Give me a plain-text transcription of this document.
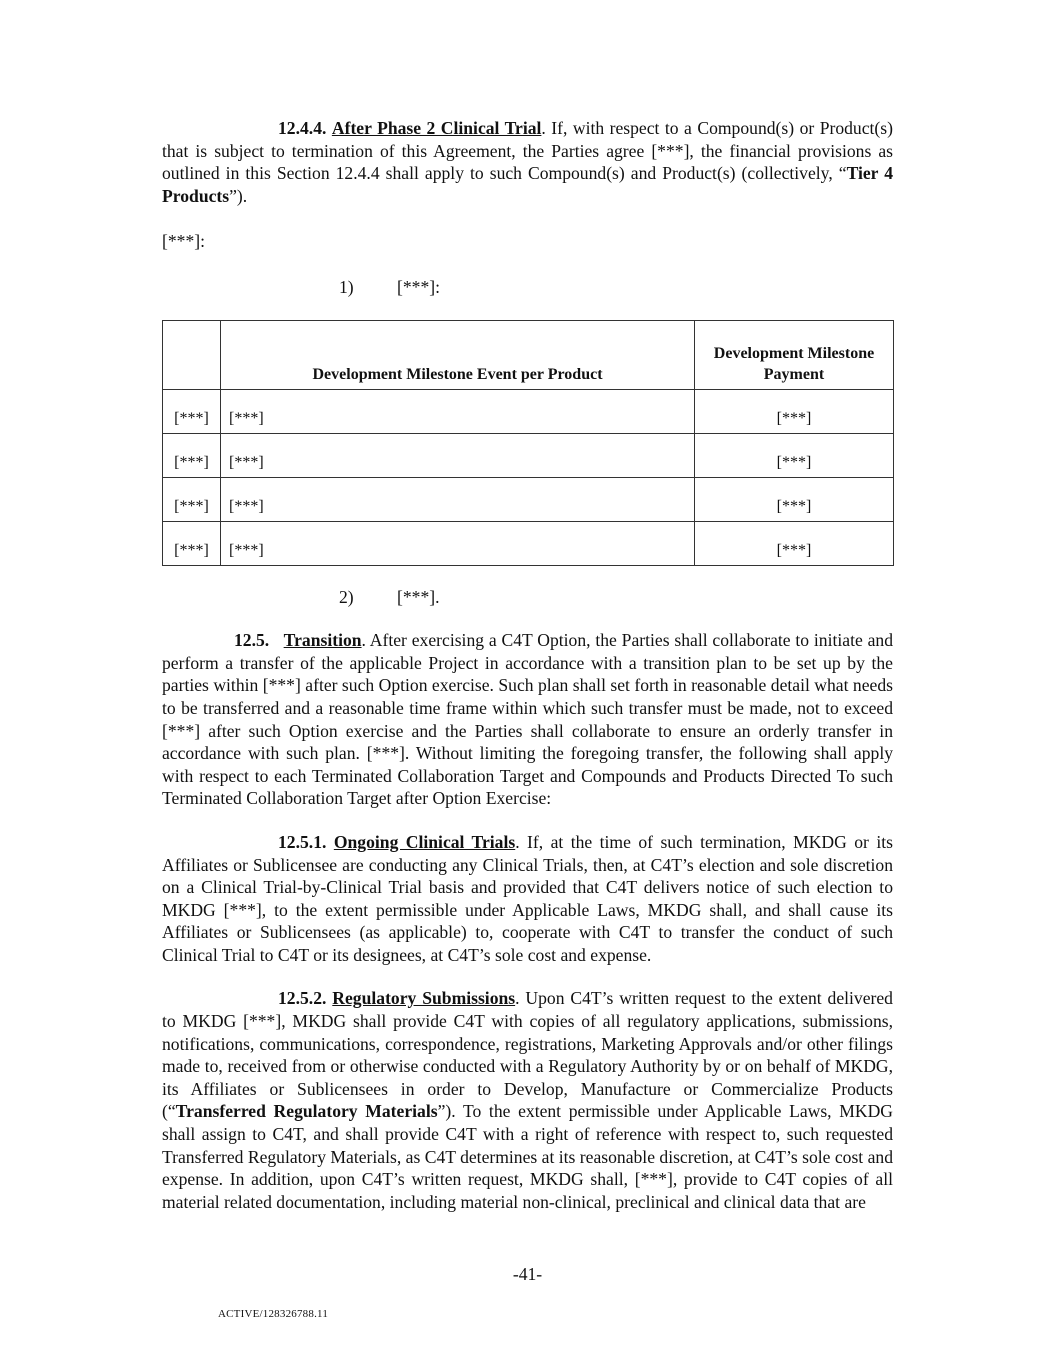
12.4.4. After Phase 2 Clinical Trial. If, with respect to a Compound(s) or Product(s) that is subject to termination of this Agreement, the Parties agree [***], the financial provisions as outlined in this Section 12.4.4 shall apply to such Compound(s) and Product(s) (collectively, “Tier 4 Products”).

[***]:

1) [***]:
	Development Milestone Event per Product	Development Milestone Payment
[***]	[***]	[***]
[***]	[***]	[***]
[***]	[***]	[***]
[***]	[***]	[***]
2) [***].

12.5. Transition. After exercising a C4T Option, the Parties shall collaborate to initiate and perform a transfer of the applicable Project in accordance with a transition plan to be set up by the parties within [***] after such Option exercise. Such plan shall set forth in reasonable detail what needs to be transferred and a reasonable time frame within which such transfer must be made, not to exceed [***] after such Option exercise and the Parties shall collaborate to ensure an orderly transfer in accordance with such plan. [***]. Without limiting the foregoing transfer, the following shall apply with respect to each Terminated Collaboration Target and Compounds and Products Directed To such Terminated Collaboration Target after Option Exercise:

12.5.1. Ongoing Clinical Trials. If, at the time of such termination, MKDG or its Affiliates or Sublicensee are conducting any Clinical Trials, then, at C4T’s election and sole discretion on a Clinical Trial-by-Clinical Trial basis and provided that C4T delivers notice of such election to MKDG [***], to the extent permissible under Applicable Laws, MKDG shall, and shall cause its Affiliates or Sublicensees (as applicable) to, cooperate with C4T to transfer the conduct of such Clinical Trial to C4T or its designees, at C4T’s sole cost and expense.

12.5.2. Regulatory Submissions. Upon C4T’s written request to the extent delivered to MKDG [***], MKDG shall provide C4T with copies of all regulatory applications, submissions, notifications, communications, correspondence, registrations, Marketing Approvals and/or other filings made to, received from or otherwise conducted with a Regulatory Authority by or on behalf of MKDG, its Affiliates or Sublicensees in order to Develop, Manufacture or Commercialize Products (“Transferred Regulatory Materials”). To the extent permissible under Applicable Laws, MKDG shall assign to C4T, and shall provide C4T with a right of reference with respect to, such requested Transferred Regulatory Materials, as C4T determines at its reasonable discretion, at C4T’s sole cost and expense. In addition, upon C4T’s written request, MKDG shall, [***], provide to C4T copies of all material related documentation, including material non-clinical, preclinical and clinical data that are

-41-
ACTIVE/128326788.11
